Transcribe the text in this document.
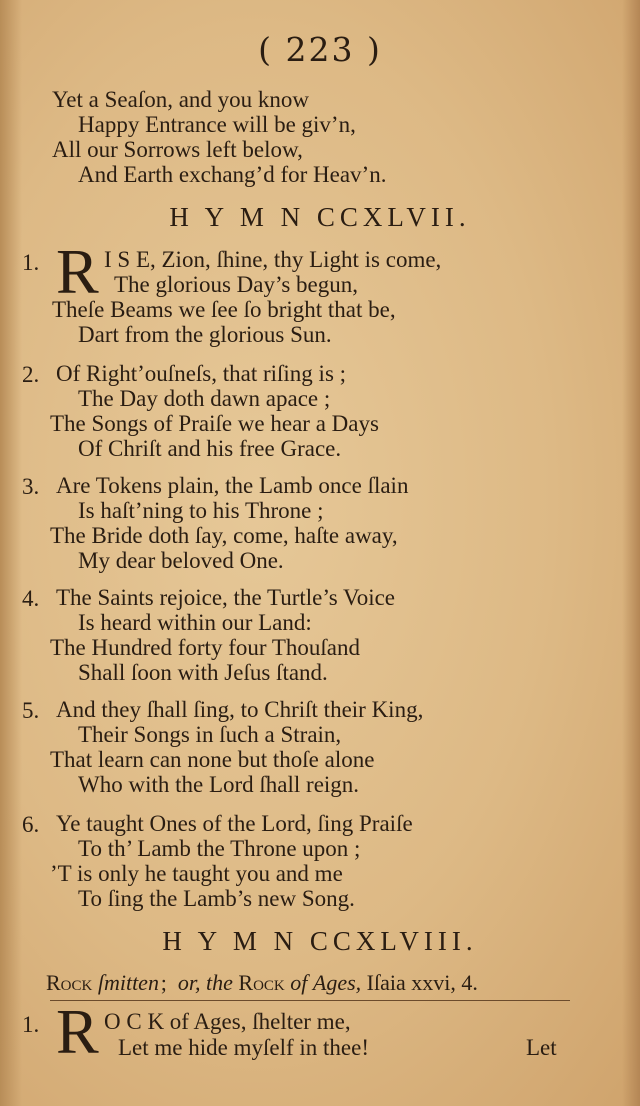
( 223 )
Yet a Seaſon, and you know
Happy Entrance will be giv’n,
All our Sorrows left below,
And Earth exchang’d for Heav’n.
H Y M N CCXLVII.
1. R I S E, Zion, ſhine, thy Light is come,
The glorious Day’s begun,
Theſe Beams we ſee ſo bright that be,
Dart from the glorious Sun.
2. Of Right’ouſneſs, that riſing is ;
The Day doth dawn apace ;
The Songs of Praiſe we hear a Days
Of Chriſt and his free Grace.
3. Are Tokens plain, the Lamb once ſlain
Is haſt’ning to his Throne ;
The Bride doth ſay, come, haſte away,
My dear beloved One.
4. The Saints rejoice, the Turtle’s Voice
Is heard within our Land:
The Hundred forty four Thouſand
Shall ſoon with Jeſus ſtand.
5. And they ſhall ſing, to Chriſt their King,
Their Songs in ſuch a Strain,
That learn can none but thoſe alone
Who with the Lord ſhall reign.
6. Ye taught Ones of the Lord, ſing Praiſe
To th’ Lamb the Throne upon ;
’T is only he taught you and me
To ſing the Lamb’s new Song.
H Y M N CCXLVIII.
Rock ſmitten ;  or, the Rock of Ages, Iſaia xxvi, 4.
1. R O C K of Ages, ſhelter me,
Let me hide myſelf in thee!	Let
